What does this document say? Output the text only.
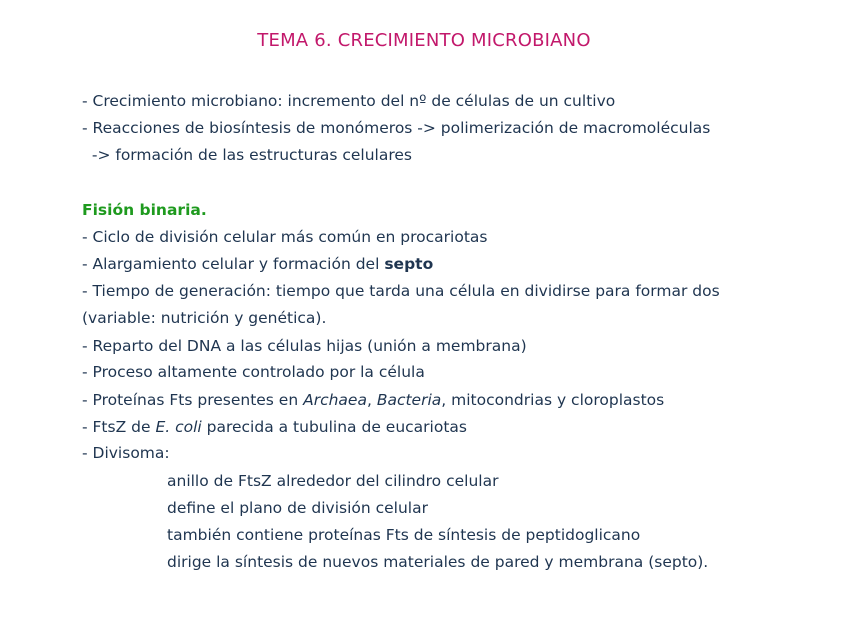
TEMA 6. CRECIMIENTO MICROBIANO
- Crecimiento microbiano: incremento del nº de células de un cultivo
- Reacciones de biosíntesis de monómeros -> polimerización de macromoléculas
-> formación de las estructuras celulares
Fisión binaria.
- Ciclo de división celular más común en procariotas
- Alargamiento celular y formación del septo
- Tiempo de generación: tiempo que tarda una célula en dividirse para formar dos
(variable: nutrición y genética).
- Reparto del DNA a las células hijas (unión a membrana)
- Proceso altamente controlado por la célula
- Proteínas Fts presentes en Archaea, Bacteria, mitocondrias y cloroplastos
- FtsZ de E. coli parecida a tubulina de eucariotas
- Divisoma:
anillo de FtsZ alrededor del cilindro celular
define el plano de división celular
también contiene proteínas Fts de síntesis de peptidoglicano
dirige la síntesis de nuevos materiales de pared y membrana (septo).
